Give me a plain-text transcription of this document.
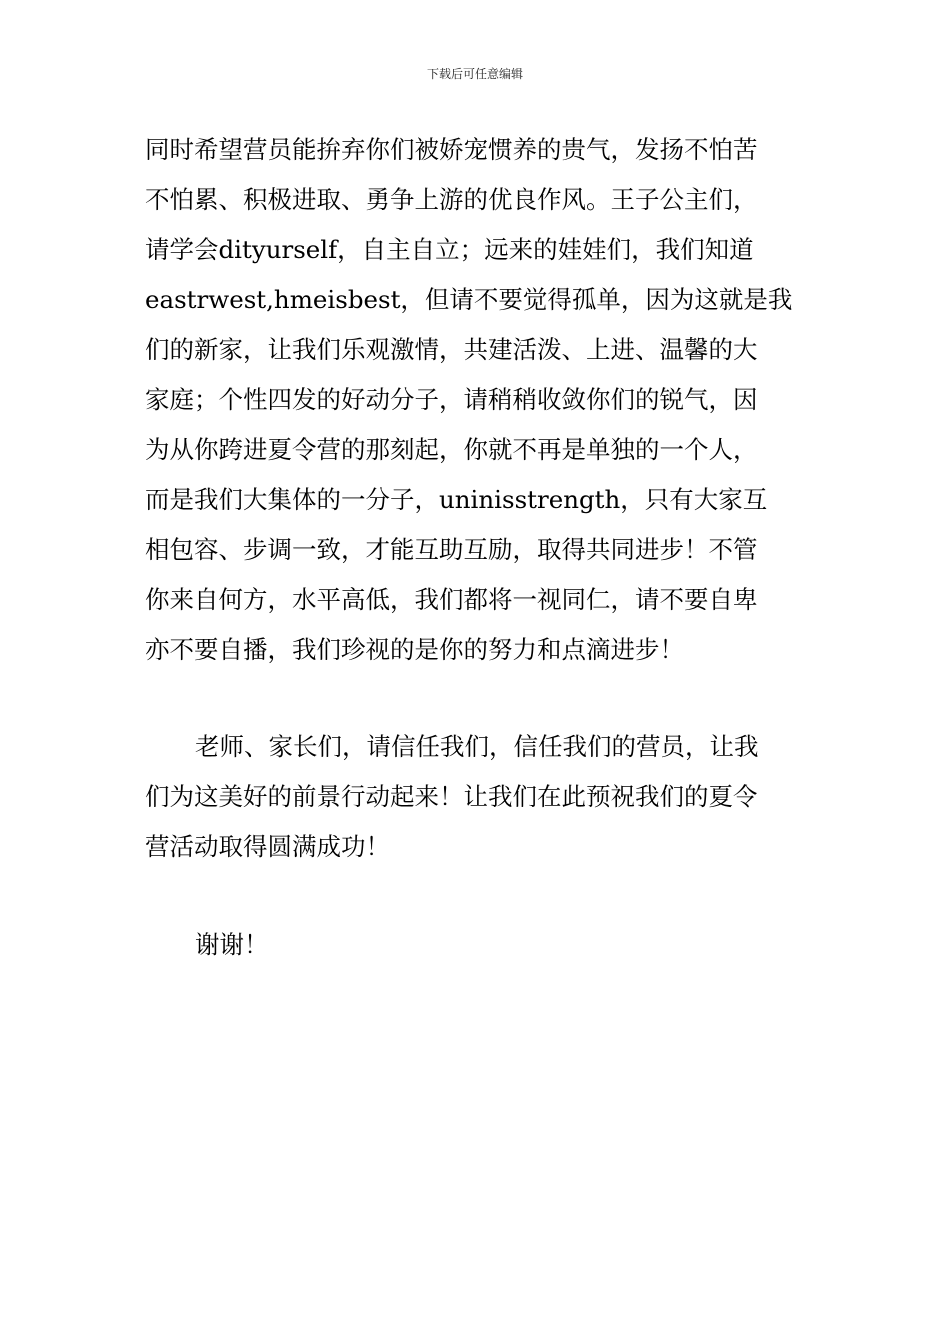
下载后可任意编辑
同时希望营员能拚弃你们被娇宠惯养的贵气，发扬不怕苦
不怕累、积极进取、勇争上游的优良作风。王子公主们，
请学会dityurself，自主自立；远来的娃娃们，我们知道
eastrwest,hmeisbest，但请不要觉得孤单，因为这就是我
们的新家，让我们乐观激情，共建活泼、上进、温馨的大
家庭；个性四发的好动分子，请稍稍收敛你们的锐气，因
为从你跨进夏令营的那刻起，你就不再是单独的一个人，
而是我们大集体的一分子，uninisstrength，只有大家互
相包容、步调一致，才能互助互励，取得共同进步！不管
你来自何方，水平高低，我们都将一视同仁，请不要自卑
亦不要自播，我们珍视的是你的努力和点滴进步！
老师、家长们，请信任我们，信任我们的营员，让我
们为这美好的前景行动起来！让我们在此预祝我们的夏令
营活动取得圆满成功！
谢谢！
